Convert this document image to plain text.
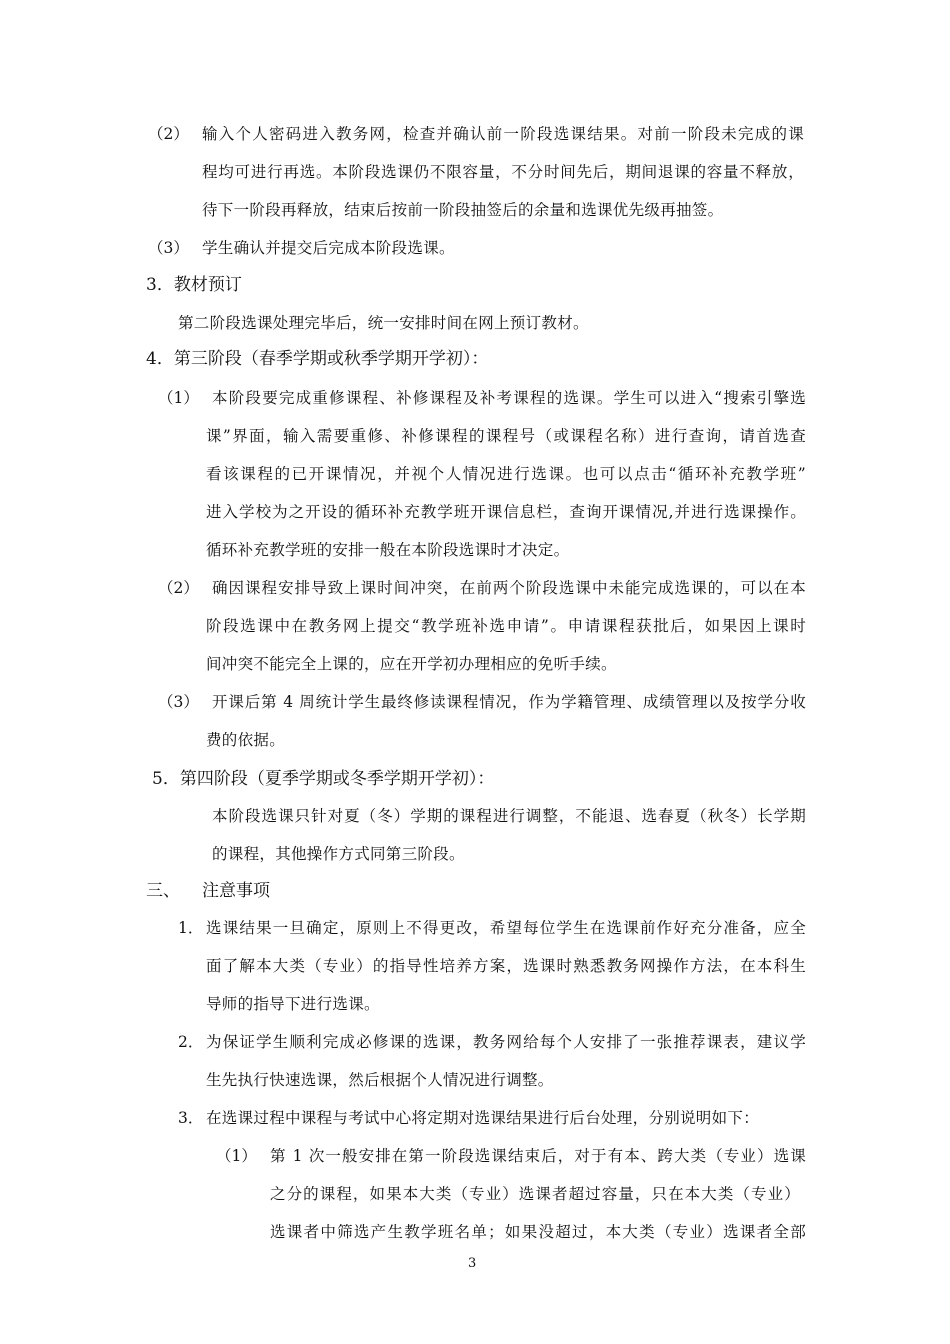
（2） 输入个人密码进入教务网，检查并确认前一阶段选课结果。对前一阶段未完成的课
程均可进行再选。本阶段选课仍不限容量，不分时间先后，期间退课的容量不释放，
待下一阶段再释放，结束后按前一阶段抽签后的余量和选课优先级再抽签。
（3） 学生确认并提交后完成本阶段选课。
3．教材预订
第二阶段选课处理完毕后，统一安排时间在网上预订教材。
4．第三阶段（春季学期或秋季学期开学初）：
（1） 本阶段要完成重修课程、补修课程及补考课程的选课。学生可以进入“搜索引擎选
课”界面，输入需要重修、补修课程的课程号（或课程名称）进行查询，请首选查
看该课程的已开课情况，并视个人情况进行选课。也可以点击“循环补充教学班”
进入学校为之开设的循环补充教学班开课信息栏，查询开课情况,并进行选课操作。
循环补充教学班的安排一般在本阶段选课时才决定。
（2） 确因课程安排导致上课时间冲突，在前两个阶段选课中未能完成选课的，可以在本
阶段选课中在教务网上提交“教学班补选申请”。申请课程获批后，如果因上课时
间冲突不能完全上课的，应在开学初办理相应的免听手续。
（3） 开课后第 4 周统计学生最终修读课程情况，作为学籍管理、成绩管理以及按学分收
费的依据。
5．第四阶段（夏季学期或冬季学期开学初）：
本阶段选课只针对夏（冬）学期的课程进行调整，不能退、选春夏（秋冬）长学期
的课程，其他操作方式同第三阶段。
三、 注意事项
1． 选课结果一旦确定，原则上不得更改，希望每位学生在选课前作好充分准备，应全
面了解本大类（专业）的指导性培养方案，选课时熟悉教务网操作方法，在本科生
导师的指导下进行选课。
2． 为保证学生顺利完成必修课的选课，教务网给每个人安排了一张推荐课表，建议学
生先执行快速选课，然后根据个人情况进行调整。
3． 在选课过程中课程与考试中心将定期对选课结果进行后台处理，分别说明如下：
（1） 第 1 次一般安排在第一阶段选课结束后，对于有本、跨大类（专业）选课
之分的课程，如果本大类（专业）选课者超过容量，只在本大类（专业）
选课者中筛选产生教学班名单；如果没超过，本大类（专业）选课者全部
3
